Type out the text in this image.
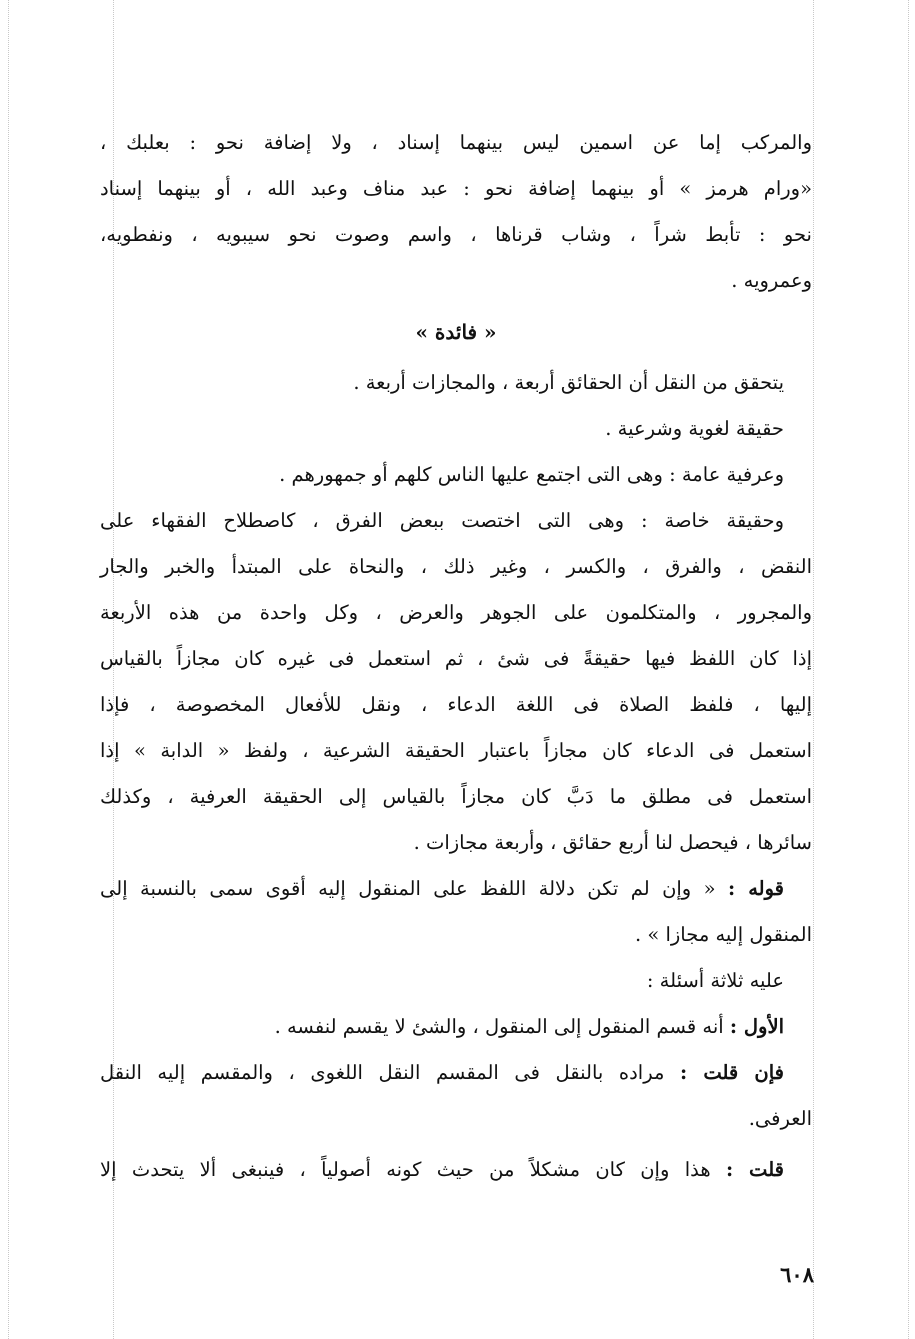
والمركب إما عن اسمين ليس بينهما إسناد ، ولا إضافة نحو : بعلبك ،
«ورام هرمز » أو بينهما إضافة نحو : عبد مناف وعبد الله ، أو بينهما إسناد
نحو : تأبط شراً ، وشاب قرناها ، واسم وصوت نحو سيبويه ، ونفطويه،
وعمرويه .
« فائدة »
يتحقق من النقل أن الحقائق أربعة ، والمجازات أربعة .
حقيقة لغوية وشرعية .
وعرفية عامة : وهى التى اجتمع عليها الناس كلهم أو جمهورهم .
وحقيقة خاصة : وهى التى اختصت ببعض الفرق ، كاصطلاح الفقهاء على
النقض ، والفرق ، والكسر ، وغير ذلك ، والنحاة على المبتدأ والخبر والجار
والمجرور ، والمتكلمون على الجوهر والعرض ، وكل واحدة من هذه الأربعة
إذا كان اللفظ فيها حقيقةً فى شئ ، ثم استعمل فى غيره كان مجازاً بالقياس
إليها ، فلفظ الصلاة فى اللغة الدعاء ، ونقل للأفعال المخصوصة ، فإذا
استعمل فى الدعاء كان مجازاً باعتبار الحقيقة الشرعية ، ولفظ « الدابة » إذا
استعمل فى مطلق ما دَبَّ كان مجازاً بالقياس إلى الحقيقة العرفية ، وكذلك
سائرها ، فيحصل لنا أربع حقائق ، وأربعة مجازات .
قوله : « وإن لم تكن دلالة اللفظ على المنقول إليه أقوى سمى بالنسبة إلى
المنقول إليه مجازا » .
عليه ثلاثة أسئلة :
الأول : أنه قسم المنقول إلى المنقول ، والشئ لا يقسم لنفسه .
فإن قلت : مراده بالنقل فى المقسم النقل اللغوى ، والمقسم إليه النقل
العرفى.
قلت : هذا وإن كان مشكلاً من حيث كونه أصولياً ، فينبغى ألا يتحدث إلا
٦٠٨
